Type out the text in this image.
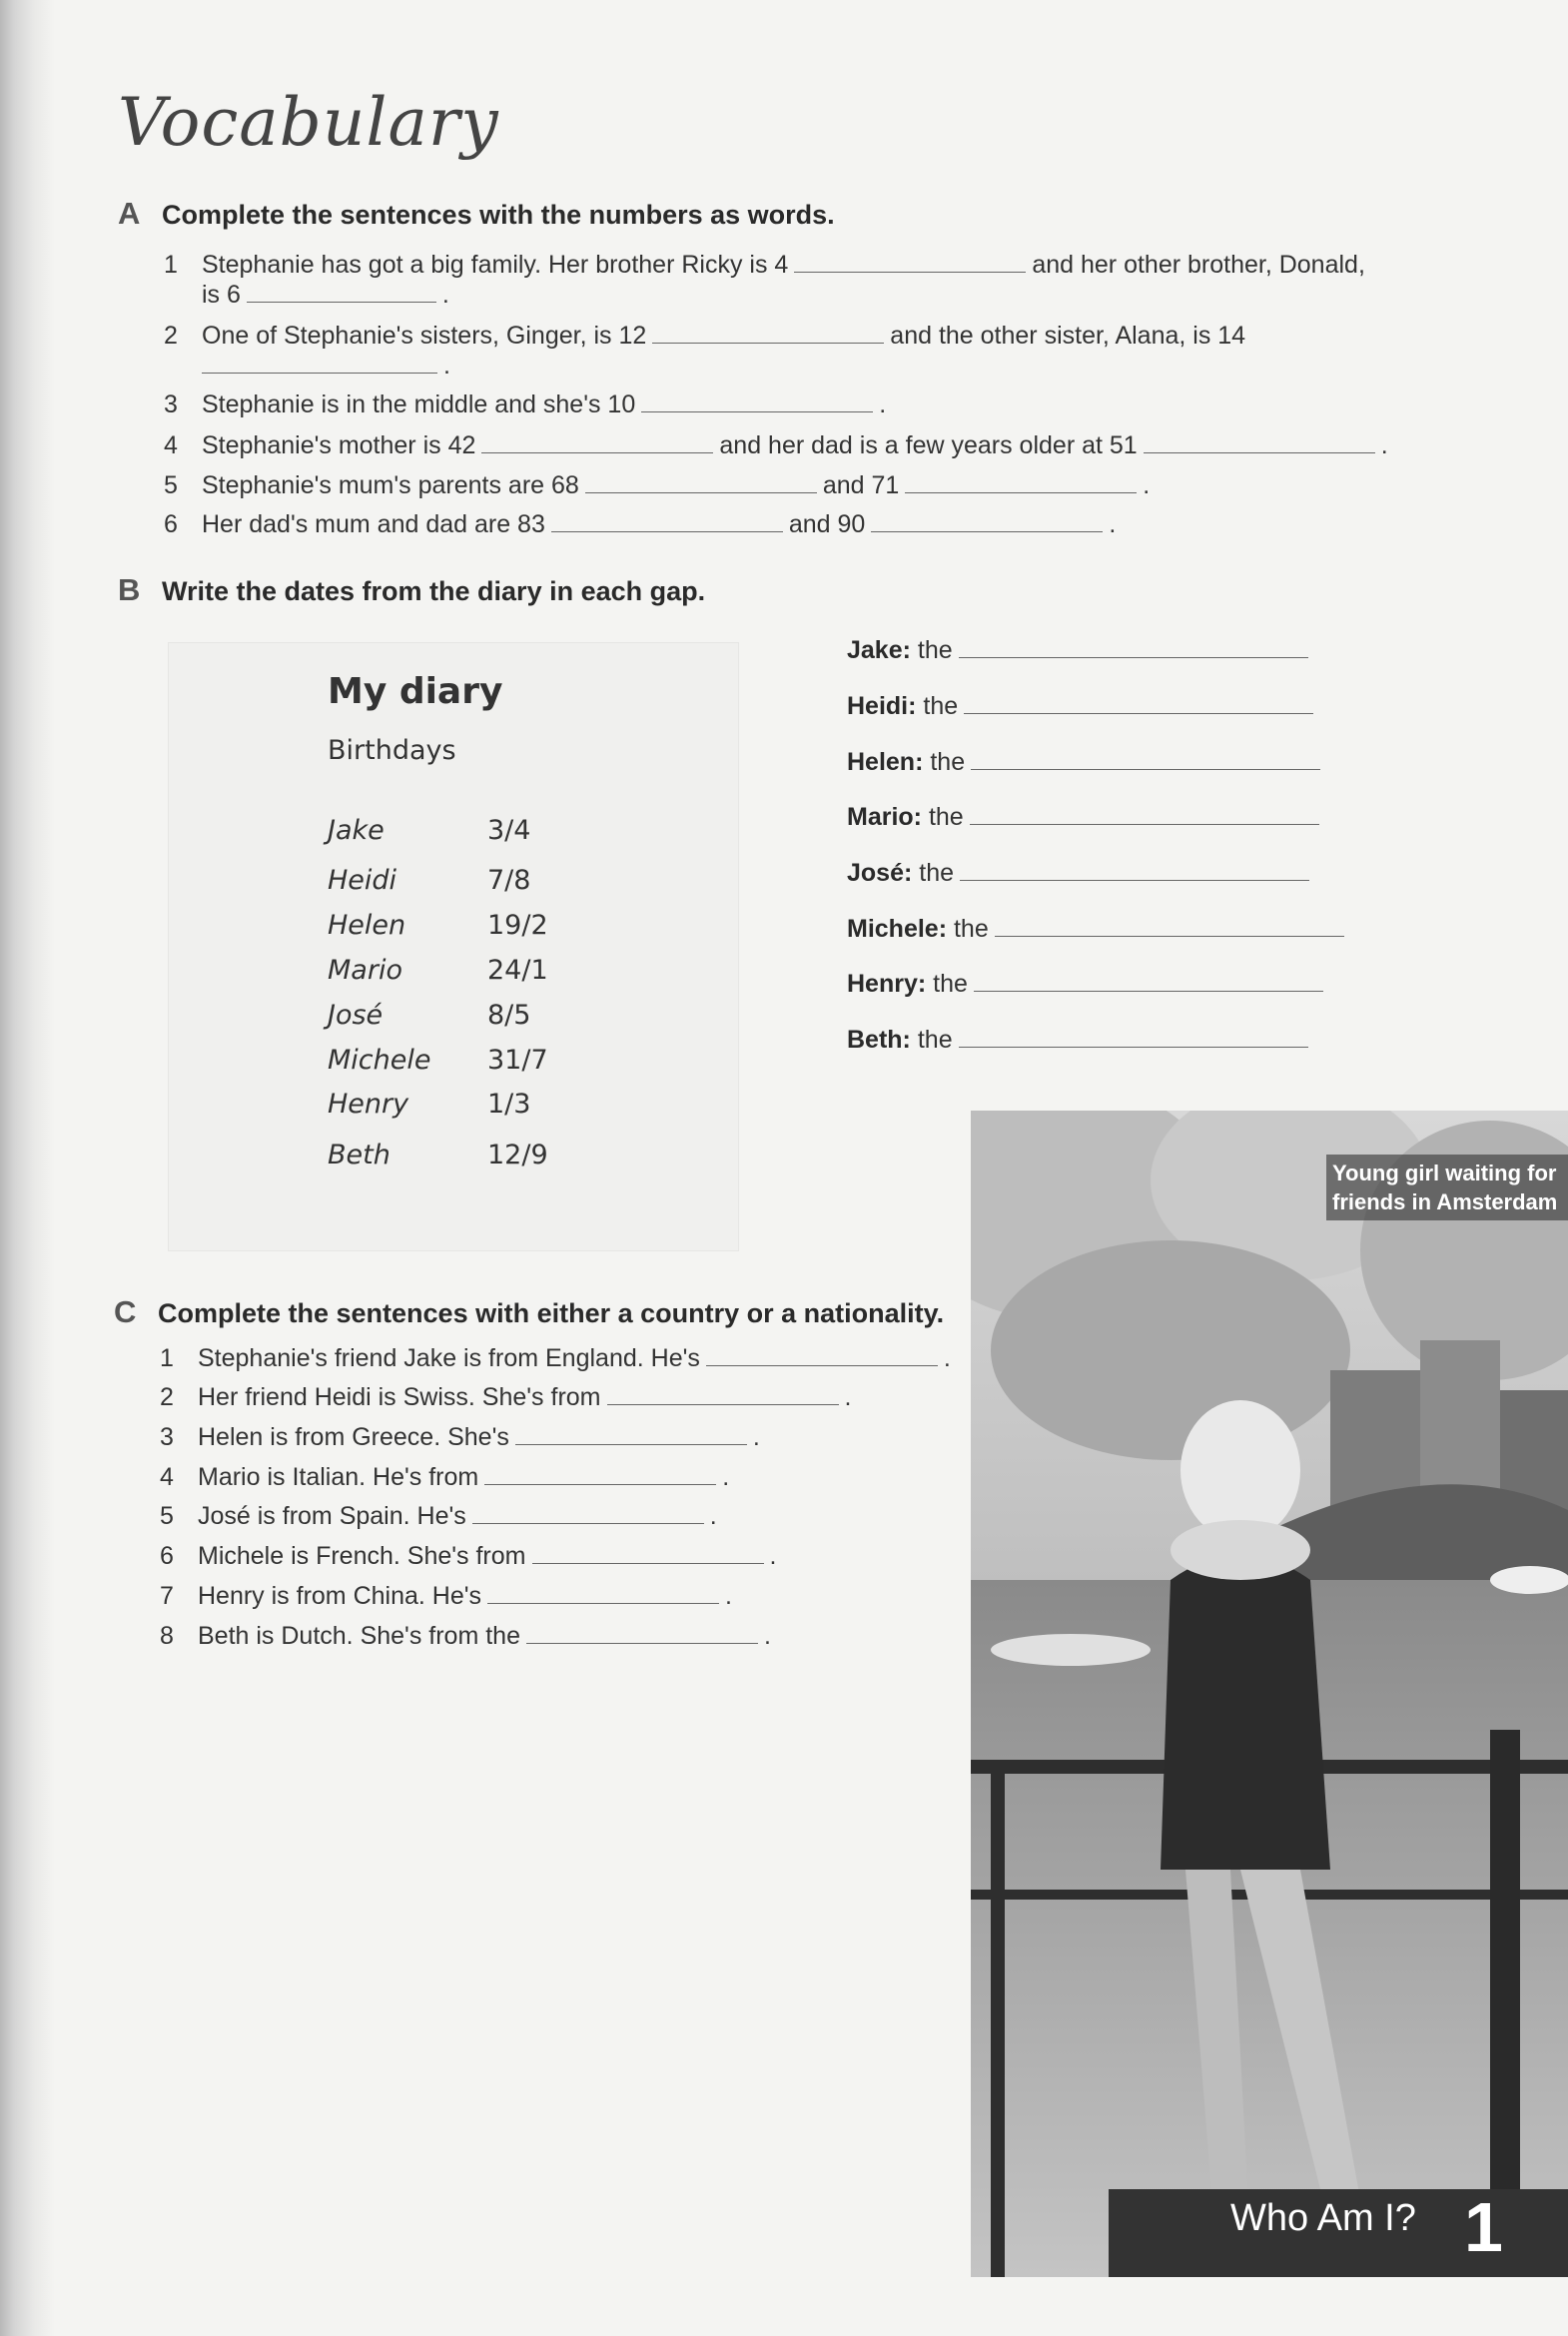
Vocabulary
A Complete the sentences with the numbers as words.
1 Stephanie has got a big family. Her brother Ricky is 4	and her other brother, Donald,
is 6	.
2 One of Stephanie's sisters, Ginger, is 12	and the other sister, Alana, is 14
.
3 Stephanie is in the middle and she's 10	.
4 Stephanie's mother is 42	and her dad is a few years older at 51	.
5 Stephanie's mum's parents are 68	and 71	.
6 Her dad's mum and dad are 83	and 90	.
B Write the dates from the diary in each gap.
My diary
Birthdays
Jake	3/4
Heidi	7/8
Helen	19/2
Mario	24/1
José	8/5
Michele 31/7
Henry	1/3
Beth	12/9
Jake: the
Heidi: the
Helen: the
Mario: the
José: the
Michele: the
Henry: the
Beth: the
C Complete the sentences with either a country or a nationality.
1 Stephanie's friend Jake is from England. He's	.
2 Her friend Heidi is Swiss. She's from	.
3 Helen is from Greece. She's	.
4 Mario is Italian. He's from	.
5 José is from Spain. He's	.
6 Michele is French. She's from	.
7 Henry is from China. He's	.
8 Beth is Dutch. She's from the	.
Young girl waiting for
friends in Amsterdam
Who Am I? 1
